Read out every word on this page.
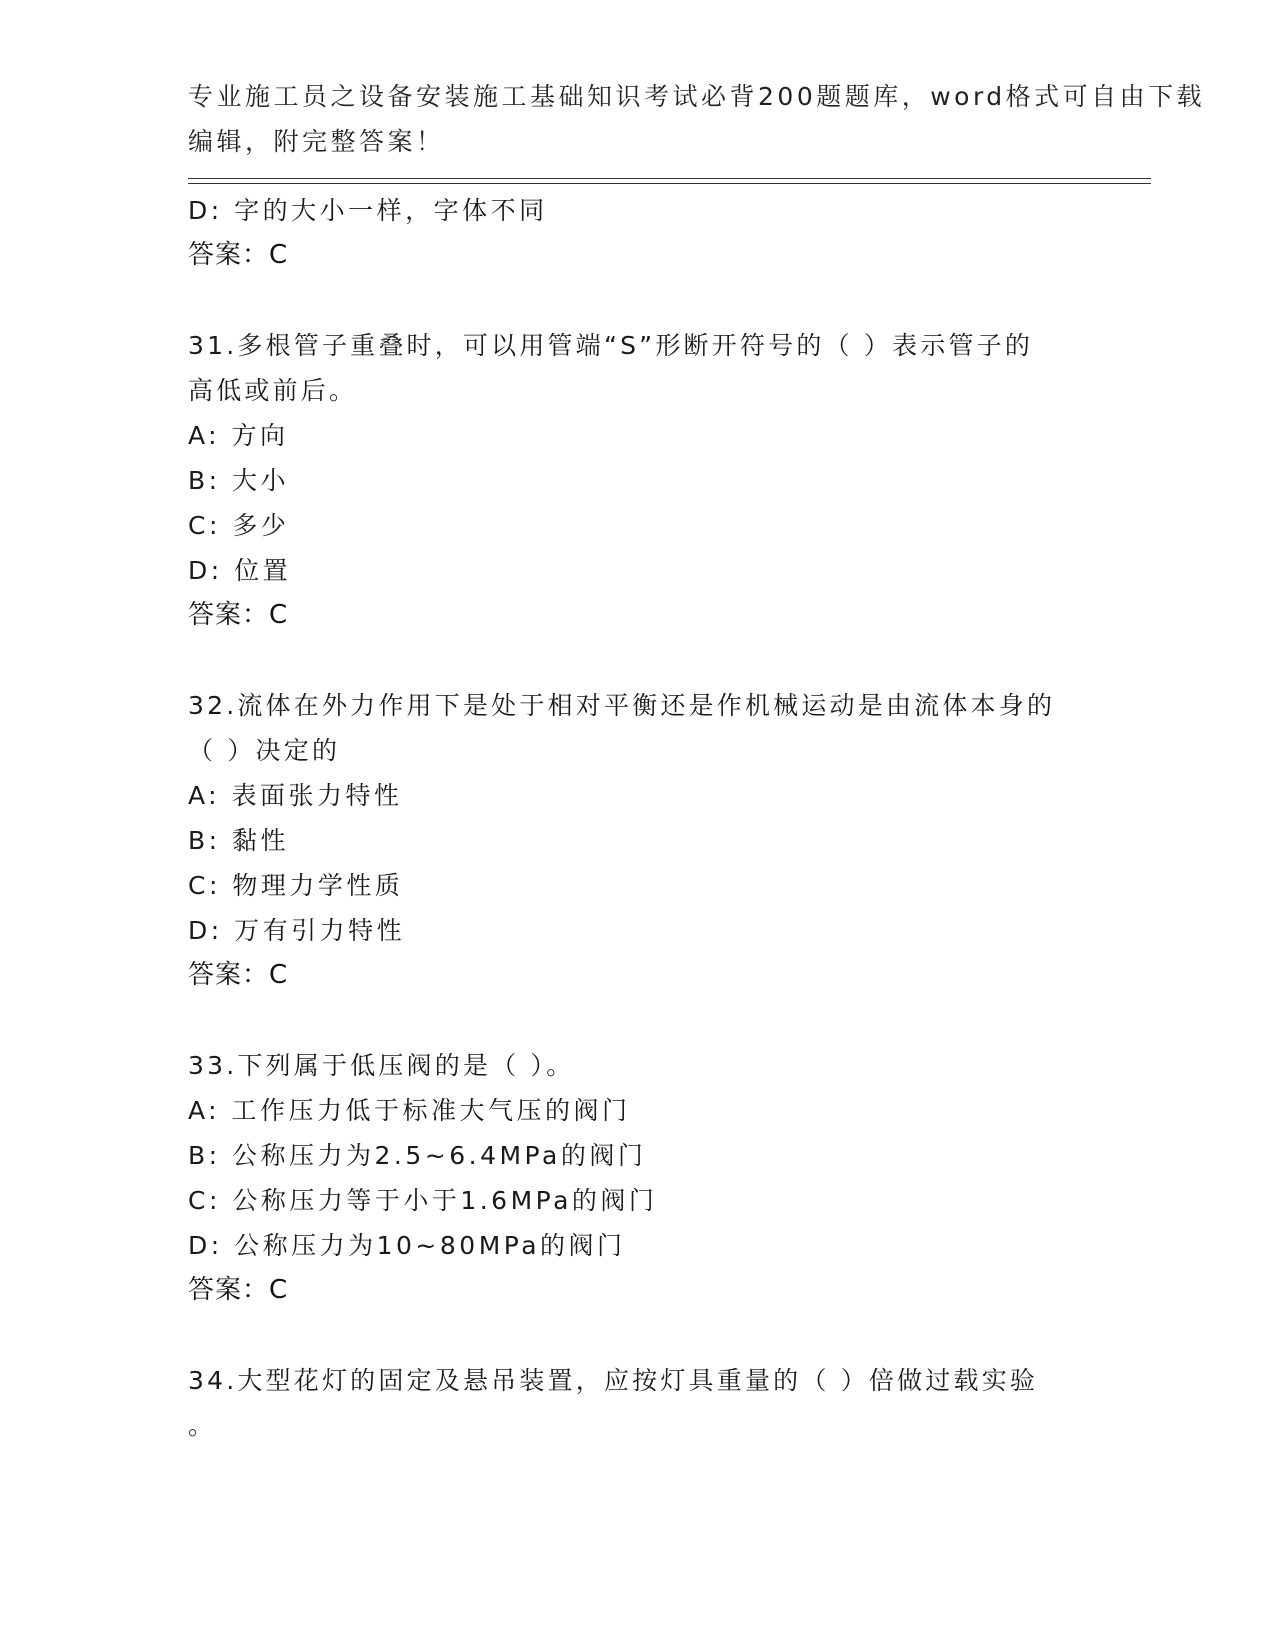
专业施工员之设备安装施工基础知识考试必背200题题库，word格式可自由下载
编辑，附完整答案！
D: 字的大小一样，字体不同
答案：C
31.多根管子重叠时，可以用管端“S”形断开符号的（ ）表示管子的
高低或前后。
A: 方向
B: 大小
C: 多少
D: 位置
答案：C
32.流体在外力作用下是处于相对平衡还是作机械运动是由流体本身的
（ ）决定的
A: 表面张力特性
B: 黏性
C: 物理力学性质
D: 万有引力特性
答案：C
33.下列属于低压阀的是（ ）。
A: 工作压力低于标准大气压的阀门
B: 公称压力为2.5~6.4MPa的阀门
C: 公称压力等于小于1.6MPa的阀门
D: 公称压力为10~80MPa的阀门
答案：C
34.大型花灯的固定及悬吊装置，应按灯具重量的（ ）倍做过载实验
。
